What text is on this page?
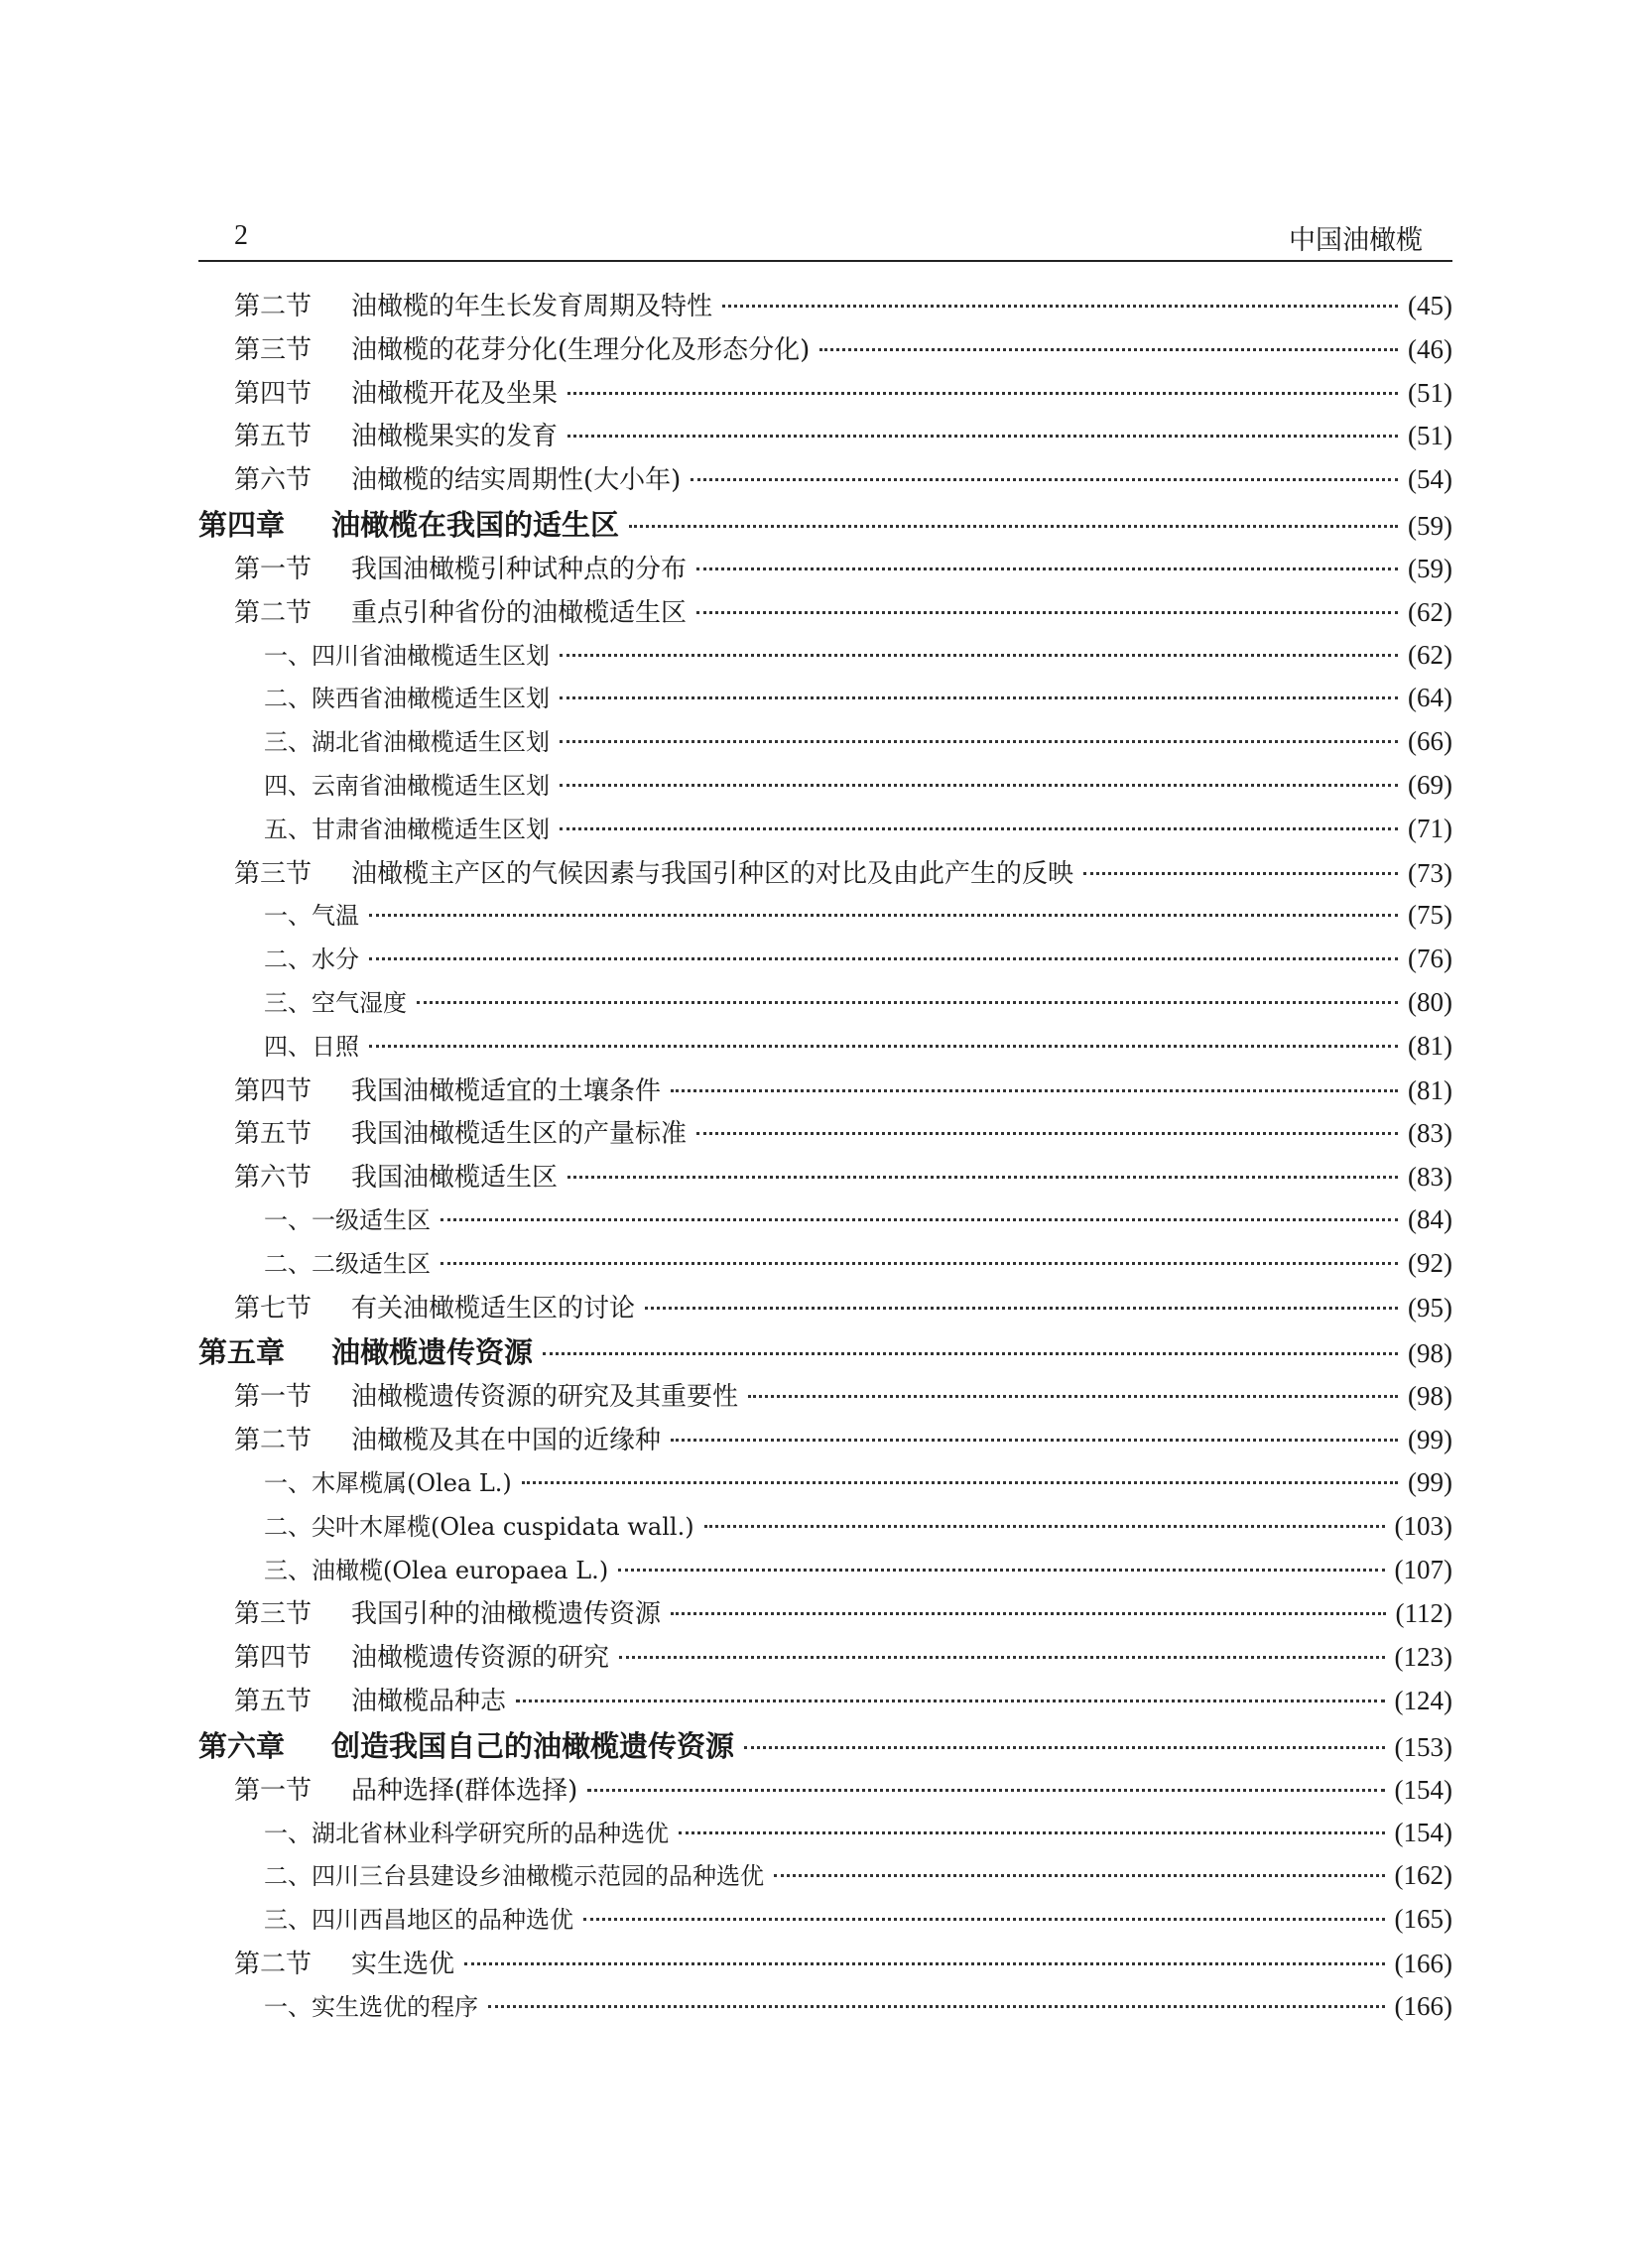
2	中国油橄榄
第二节	油橄榄的年生长发育周期及特性	(45)
第三节	油橄榄的花芽分化(生理分化及形态分化)	(46)
第四节	油橄榄开花及坐果	(51)
第五节	油橄榄果实的发育	(51)
第六节	油橄榄的结实周期性(大小年)	(54)
第四章	油橄榄在我国的适生区	(59)
第一节	我国油橄榄引种试种点的分布	(59)
第二节	重点引种省份的油橄榄适生区	(62)
一、四川省油橄榄适生区划	(62)
二、陕西省油橄榄适生区划	(64)
三、湖北省油橄榄适生区划	(66)
四、云南省油橄榄适生区划	(69)
五、甘肃省油橄榄适生区划	(71)
第三节	油橄榄主产区的气候因素与我国引种区的对比及由此产生的反映	(73)
一、气温	(75)
二、水分	(76)
三、空气湿度	(80)
四、日照	(81)
第四节	我国油橄榄适宜的土壤条件	(81)
第五节	我国油橄榄适生区的产量标准	(83)
第六节	我国油橄榄适生区	(83)
一、一级适生区	(84)
二、二级适生区	(92)
第七节	有关油橄榄适生区的讨论	(95)
第五章	油橄榄遗传资源	(98)
第一节	油橄榄遗传资源的研究及其重要性	(98)
第二节	油橄榄及其在中国的近缘种	(99)
一、木犀榄属(Olea L.)	(99)
二、尖叶木犀榄(Olea cuspidata wall.)	(103)
三、油橄榄(Olea europaea L.)	(107)
第三节	我国引种的油橄榄遗传资源	(112)
第四节	油橄榄遗传资源的研究	(123)
第五节	油橄榄品种志	(124)
第六章	创造我国自己的油橄榄遗传资源	(153)
第一节	品种选择(群体选择)	(154)
一、湖北省林业科学研究所的品种选优	(154)
二、四川三台县建设乡油橄榄示范园的品种选优	(162)
三、四川西昌地区的品种选优	(165)
第二节	实生选优	(166)
一、实生选优的程序	(166)
